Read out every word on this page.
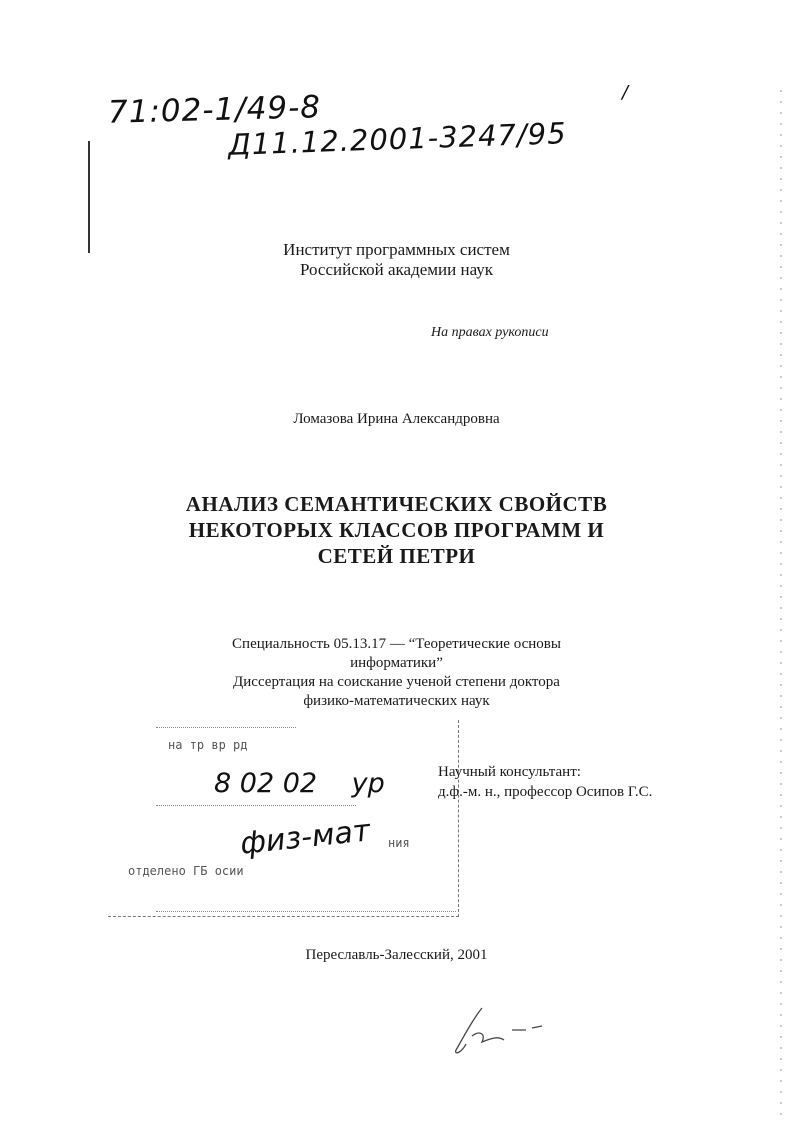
71:02-1/49-8
Д11.12.2001-3247/95
/
Институт программных систем
Российской академии наук
На правах рукописи
Ломазова Ирина Александровна
АНАЛИЗ СЕМАНТИЧЕСКИХ СВОЙСТВ
НЕКОТОРЫХ КЛАССОВ ПРОГРАММ И
СЕТЕЙ ПЕТРИ
Специальность 05.13.17 — “Теоретические основы
информатики”
Диссертация на соискание ученой степени доктора
физико-математических наук
на тр вр рд
ния
отделено ГБ осии
8 02 02 ур
физ-мат
Научный консультант:
д.ф.-м. н., профессор Осипов Г.С.
Переславль-Залесский, 2001
